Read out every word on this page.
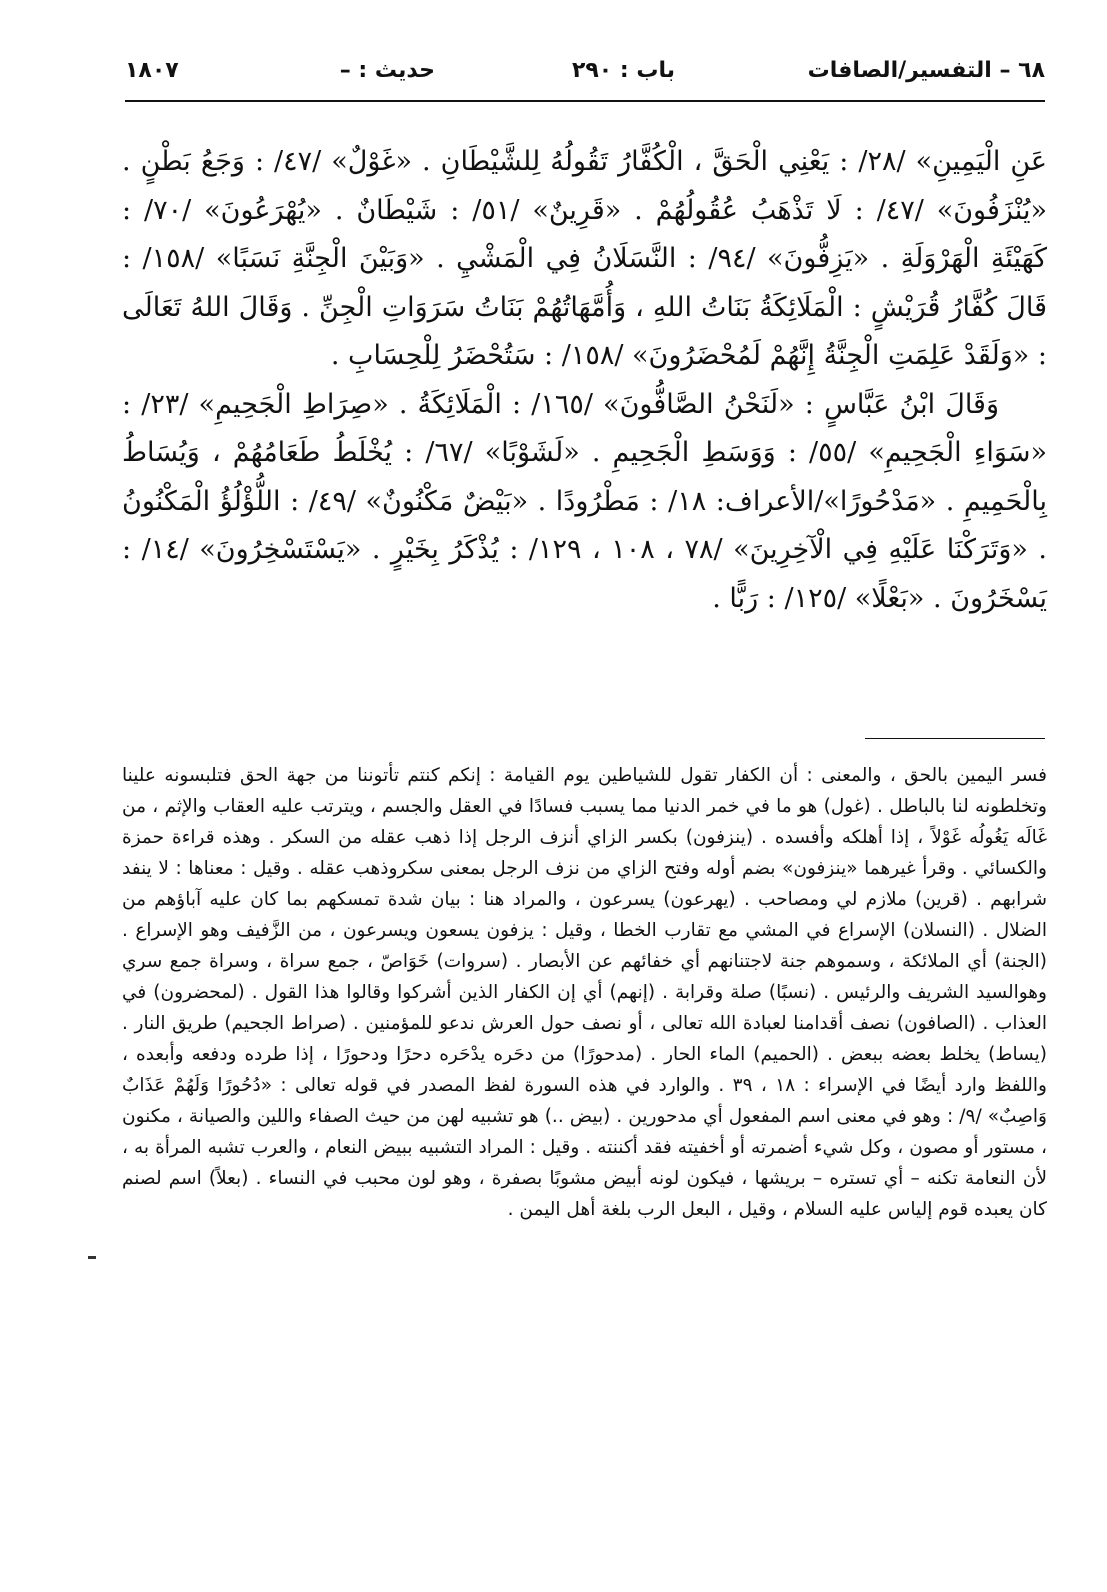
٦٨ – التفسير/الصافات
باب : ٢٩٠
حديث : –
١٨٠٧

عَنِ الْيَمِينِ» /٢٨/ : يَعْنِي الْحَقَّ ، الْكُفَّارُ تَقُولُهُ لِلشَّيْطَانِ . «غَوْلٌ» /٤٧/ : وَجَعُ بَطْنٍ . «يُنْزَفُونَ» /٤٧/ : لَا تَذْهَبُ عُقُولُهُمْ . «قَرِينٌ» /٥١/ : شَيْطَانٌ . «يُهْرَعُونَ» /٧٠/ : كَهَيْئَةِ الْهَرْوَلَةِ . «يَزِفُّونَ» /٩٤/ : النَّسَلَانُ فِي الْمَشْيِ . «وَبَيْنَ الْجِنَّةِ نَسَبًا» /١٥٨/ : قَالَ كُفَّارُ قُرَيْشٍ : الْمَلَائِكَةُ بَنَاتُ اللهِ ، وَأُمَّهَاتُهُمْ بَنَاتُ سَرَوَاتِ الْجِنِّ . وَقَالَ اللهُ تَعَالَى : «وَلَقَدْ عَلِمَتِ الْجِنَّةُ إِنَّهُمْ لَمُحْضَرُونَ» /١٥٨/ : سَتُحْضَرُ لِلْحِسَابِ .

وَقَالَ ابْنُ عَبَّاسٍ : «لَنَحْنُ الصَّافُّونَ» /١٦٥/ : الْمَلَائِكَةُ . «صِرَاطِ الْجَحِيمِ» /٢٣/ : «سَوَاءِ الْجَحِيمِ» /٥٥/ : وَوَسَطِ الْجَحِيمِ . «لَشَوْبًا» /٦٧/ : يُخْلَطُ طَعَامُهُمْ ، وَيُسَاطُ بِالْحَمِيمِ . «مَدْحُورًا»/الأعراف: ١٨/ : مَطْرُودًا . «بَيْضٌ مَكْنُونٌ» /٤٩/ : اللُّؤْلُؤُ الْمَكْنُونُ . «وَتَرَكْنَا عَلَيْهِ فِي الْآخِرِينَ» /٧٨ ، ١٠٨ ، ١٢٩/ : يُذْكَرُ بِخَيْرٍ . «يَسْتَسْخِرُونَ» /١٤/ : يَسْخَرُونَ . «بَعْلًا» /١٢٥/ : رَبًّا .

فسر اليمين بالحق ، والمعنى : أن الكفار تقول للشياطين يوم القيامة : إنكم كنتم تأتوننا من جهة الحق فتلبسونه علينا وتخلطونه لنا بالباطل . (غول) هو ما في خمر الدنيا مما يسبب فسادًا في العقل والجسم ، ويترتب عليه العقاب والإثم ، من غَالَه يَغُولُه غَوْلاً ، إذا أهلكه وأفسده . (ينزفون) بكسر الزاي أنزف الرجل إذا ذهب عقله من السكر . وهذه قراءة حمزة والكسائي . وقرأ غيرهما «ينزفون» بضم أوله وفتح الزاي من نزف الرجل بمعنى سكروذهب عقله . وقيل : معناها : لا ينفد شرابهم . (قرين) ملازم لي ومصاحب . (يهرعون) يسرعون ، والمراد هنا : بيان شدة تمسكهم بما كان عليه آباؤهم من الضلال . (النسلان) الإسراع في المشي مع تقارب الخطا ، وقيل : يزفون يسعون ويسرعون ، من الزَّفيف وهو الإسراع . (الجنة) أي الملائكة ، وسموهم جنة لاجتنانهم أي خفائهم عن الأبصار . (سروات) خَوَاصّ ، جمع سراة ، وسراة جمع سري وهوالسيد الشريف والرئيس . (نسبًا) صلة وقرابة . (إنهم) أي إن الكفار الذين أشركوا وقالوا هذا القول . (لمحضرون) في العذاب . (الصافون) نصف أقدامنا لعبادة الله تعالى ، أو نصف حول العرش ندعو للمؤمنين . (صراط الجحيم) طريق النار . (يساط) يخلط بعضه ببعض . (الحميم) الماء الحار . (مدحورًا) من دحَره يدْحَره دحرًا ودحورًا ، إذا طرده ودفعه وأبعده ، واللفظ وارد أيضًا في الإسراء : ١٨ ، ٣٩ . والوارد في هذه السورة لفظ المصدر في قوله تعالى : «دُحُورًا وَلَهُمْ عَذَابٌ وَاصِبٌ» /٩/ : وهو في معنى اسم المفعول أي مدحورين . (بيض ..) هو تشبيه لهن من حيث الصفاء واللين والصيانة ، مكنون ، مستور أو مصون ، وكل شيء أضمرته أو أخفيته فقد أكننته . وقيل : المراد التشبيه ببيض النعام ، والعرب تشبه المرأة به ، لأن النعامة تكنه – أي تستره – بريشها ، فيكون لونه أبيض مشوبًا بصفرة ، وهو لون محبب في النساء . (بعلاً) اسم لصنم كان يعبده قوم إلياس عليه السلام ، وقيل ، البعل الرب بلغة أهل اليمن .
